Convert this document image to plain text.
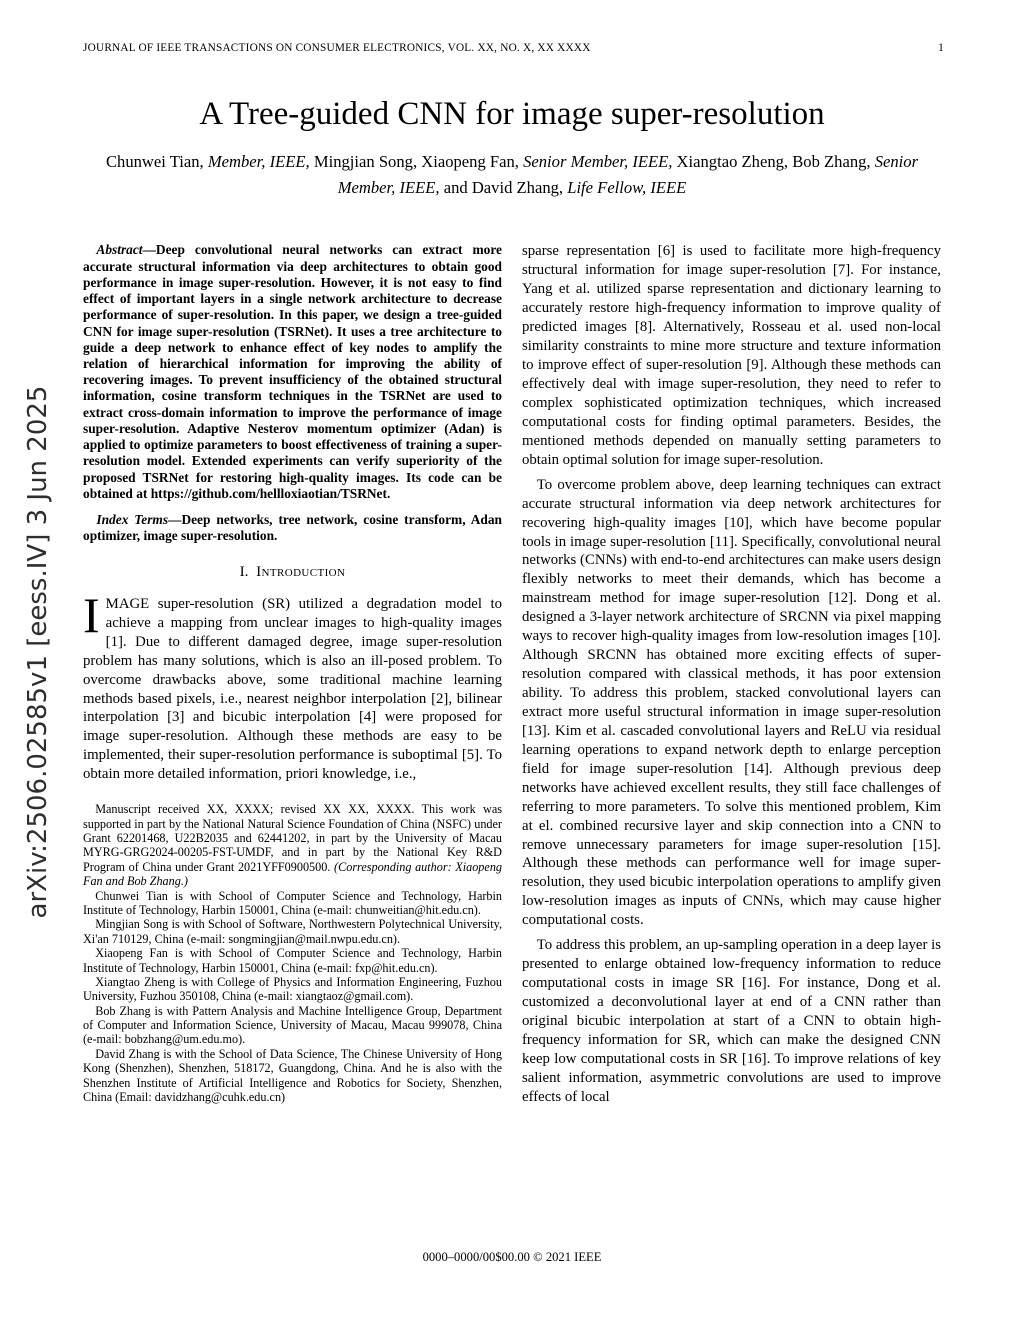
JOURNAL OF IEEE TRANSACTIONS ON CONSUMER ELECTRONICS, VOL. XX, NO. X, XX XXXX	1
arXiv:2506.02585v1 [eess.IV] 3 Jun 2025
A Tree-guided CNN for image super-resolution
Chunwei Tian, Member, IEEE, Mingjian Song, Xiaopeng Fan, Senior Member, IEEE, Xiangtao Zheng, Bob Zhang, Senior Member, IEEE, and David Zhang, Life Fellow, IEEE

Abstract—Deep convolutional neural networks can extract more accurate structural information via deep architectures to obtain good performance in image super-resolution. However, it is not easy to find effect of important layers in a single network architecture to decrease performance of super-resolution. In this paper, we design a tree-guided CNN for image super-resolution (TSRNet). It uses a tree architecture to guide a deep network to enhance effect of key nodes to amplify the relation of hierarchical information for improving the ability of recovering images. To prevent insufficiency of the obtained structural information, cosine transform techniques in the TSRNet are used to extract cross-domain information to improve the performance of image super-resolution. Adaptive Nesterov momentum optimizer (Adan) is applied to optimize parameters to boost effectiveness of training a super-resolution model. Extended experiments can verify superiority of the proposed TSRNet for restoring high-quality images. Its code can be obtained at https://github.com/hellloxiaotian/TSRNet.

Index Terms—Deep networks, tree network, cosine transform, Adan optimizer, image super-resolution.

I. Introduction

IMAGE super-resolution (SR) utilized a degradation model to achieve a mapping from unclear images to high-quality images [1]. Due to different damaged degree, image super-resolution problem has many solutions, which is also an ill-posed problem. To overcome drawbacks above, some traditional machine learning methods based pixels, i.e., nearest neighbor interpolation [2], bilinear interpolation [3] and bicubic interpolation [4] were proposed for image super-resolution. Although these methods are easy to be implemented, their super-resolution performance is suboptimal [5]. To obtain more detailed information, priori knowledge, i.e.,

Manuscript received XX, XXXX; revised XX XX, XXXX. This work was supported in part by the National Natural Science Foundation of China (NSFC) under Grant 62201468, U22B2035 and 62441202, in part by the University of Macau MYRG-GRG2024-00205-FST-UMDF, and in part by the National Key R&D Program of China under Grant 2021YFF0900500. (Corresponding author: Xiaopeng Fan and Bob Zhang.)

Chunwei Tian is with School of Computer Science and Technology, Harbin Institute of Technology, Harbin 150001, China (e-mail: chunweitian@hit.edu.cn).

Mingjian Song is with School of Software, Northwestern Polytechnical University, Xi'an 710129, China (e-mail: songmingjian@mail.nwpu.edu.cn).

Xiaopeng Fan is with School of Computer Science and Technology, Harbin Institute of Technology, Harbin 150001, China (e-mail: fxp@hit.edu.cn).

Xiangtao Zheng is with College of Physics and Information Engineering, Fuzhou University, Fuzhou 350108, China (e-mail: xiangtaoz@gmail.com).

Bob Zhang is with Pattern Analysis and Machine Intelligence Group, Department of Computer and Information Science, University of Macau, Macau 999078, China (e-mail: bobzhang@um.edu.mo).

David Zhang is with the School of Data Science, The Chinese University of Hong Kong (Shenzhen), Shenzhen, 518172, Guangdong, China. And he is also with the Shenzhen Institute of Artificial Intelligence and Robotics for Society, Shenzhen, China (Email: davidzhang@cuhk.edu.cn)

sparse representation [6] is used to facilitate more high-frequency structural information for image super-resolution [7]. For instance, Yang et al. utilized sparse representation and dictionary learning to accurately restore high-frequency information to improve quality of predicted images [8]. Alternatively, Rosseau et al. used non-local similarity constraints to mine more structure and texture information to improve effect of super-resolution [9]. Although these methods can effectively deal with image super-resolution, they need to refer to complex sophisticated optimization techniques, which increased computational costs for finding optimal parameters. Besides, the mentioned methods depended on manually setting parameters to obtain optimal solution for image super-resolution.

To overcome problem above, deep learning techniques can extract accurate structural information via deep network architectures for recovering high-quality images [10], which have become popular tools in image super-resolution [11]. Specifically, convolutional neural networks (CNNs) with end-to-end architectures can make users design flexibly networks to meet their demands, which has become a mainstream method for image super-resolution [12]. Dong et al. designed a 3-layer network architecture of SRCNN via pixel mapping ways to recover high-quality images from low-resolution images [10]. Although SRCNN has obtained more exciting effects of super-resolution compared with classical methods, it has poor extension ability. To address this problem, stacked convolutional layers can extract more useful structural information in image super-resolution [13]. Kim et al. cascaded convolutional layers and ReLU via residual learning operations to expand network depth to enlarge perception field for image super-resolution [14]. Although previous deep networks have achieved excellent results, they still face challenges of referring to more parameters. To solve this mentioned problem, Kim at el. combined recursive layer and skip connection into a CNN to remove unnecessary parameters for image super-resolution [15]. Although these methods can performance well for image super-resolution, they used bicubic interpolation operations to amplify given low-resolution images as inputs of CNNs, which may cause higher computational costs.

To address this problem, an up-sampling operation in a deep layer is presented to enlarge obtained low-frequency information to reduce computational costs in image SR [16]. For instance, Dong et al. customized a deconvolutional layer at end of a CNN rather than original bicubic interpolation at start of a CNN to obtain high-frequency information for SR, which can make the designed CNN keep low computational costs in SR [16]. To improve relations of key salient information, asymmetric convolutions are used to improve effects of local

0000–0000/00$00.00 © 2021 IEEE
